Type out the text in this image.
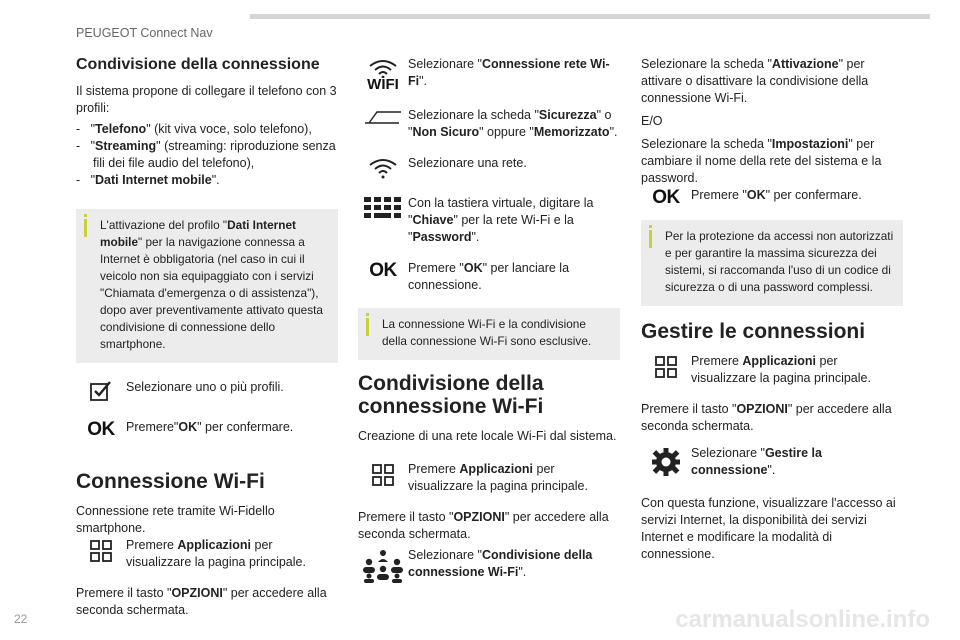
PEUGEOT Connect Nav
Condivisione della connessione

Il sistema propone di collegare il telefono con 3 profili:

- "Telefono" (kit viva voce, solo telefono),
- "Streaming" (streaming: riproduzione senza fili dei file audio del telefono),
- "Dati Internet mobile".
L'attivazione del profilo "Dati Internet mobile" per la navigazione connessa a Internet è obbligatoria (nel caso in cui il veicolo non sia equipaggiato con i servizi "Chiamata d'emergenza o di assistenza"), dopo aver preventivamente attivato questa condivisione di connessione dello smartphone.
Selezionare uno o più profili.
OK Premere"OK" per confermare.
Connessione Wi-Fi

Connessione rete tramite Wi-Fidello smartphone.

Premere Applicazioni per visualizzare la pagina principale.

Premere il tasto "OPZIONI" per accedere alla seconda schermata.

WIFI
Selezionare "Connessione rete Wi-Fi".
Selezionare la scheda "Sicurezza" o "Non Sicuro" oppure "Memorizzato".
Selezionare una rete.
Con la tastiera virtuale, digitare la "Chiave" per la rete Wi-Fi e la "Password".
OK Premere "OK" per lanciare la connessione.
La connessione Wi-Fi e la condivisione della connessione Wi-Fi sono esclusive.
Condivisione della connessione Wi-Fi

Creazione di una rete locale Wi-Fi dal sistema.

Premere Applicazioni per visualizzare la pagina principale.

Premere il tasto "OPZIONI" per accedere alla seconda schermata.

Selezionare "Condivisione della connessione Wi-Fi".

Selezionare la scheda "Attivazione" per attivare o disattivare la condivisione della connessione Wi-Fi.

E/O

Selezionare la scheda "Impostazioni" per cambiare il nome della rete del sistema e la password.

OK Premere "OK" per confermare.
Per la protezione da accessi non autorizzati e per garantire la massima sicurezza dei sistemi, si raccomanda l'uso di un codice di sicurezza o di una password complessi.
Gestire le connessioni
Premere Applicazioni per visualizzare la pagina principale.

Premere il tasto "OPZIONI" per accedere alla seconda schermata.

Selezionare "Gestire la connessione".

Con questa funzione, visualizzare l'accesso ai servizi Internet, la disponibilità dei servizi Internet e modificare la modalità di connessione.

22	carmanualsonline.info
